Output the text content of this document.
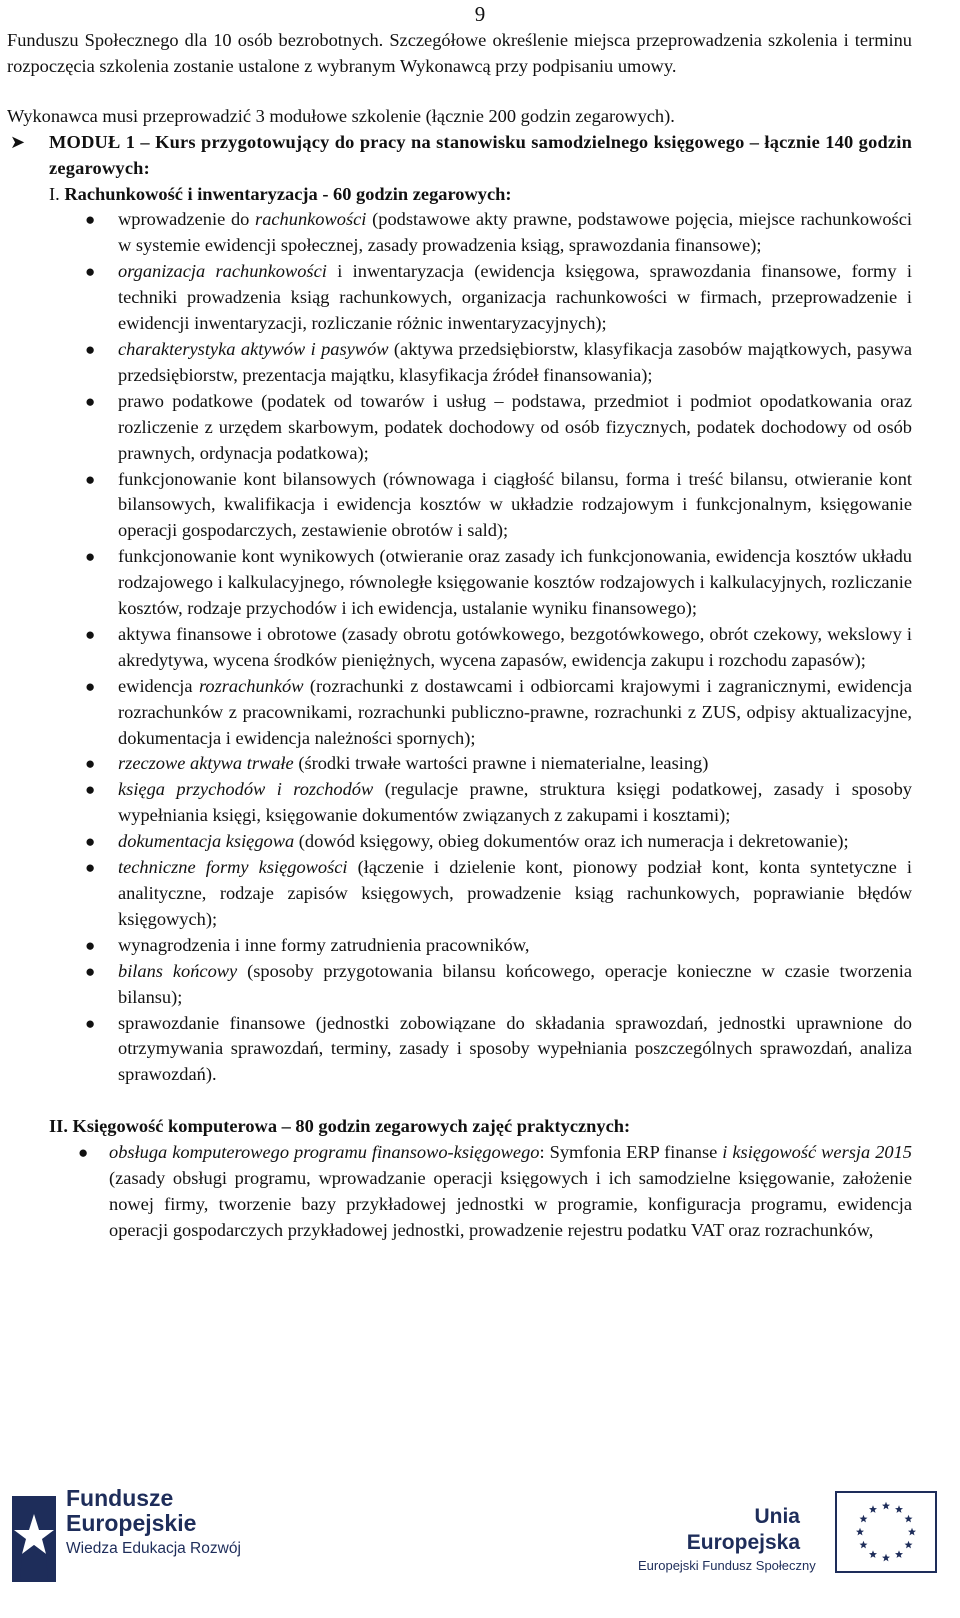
9

Funduszu Społecznego dla 10 osób bezrobotnych. Szczegółowe określenie miejsca przeprowadzenia szkolenia i terminu rozpoczęcia szkolenia zostanie ustalone z wybranym Wykonawcą przy podpisaniu umowy.

Wykonawca musi przeprowadzić 3 modułowe szkolenie (łącznie 200 godzin zegarowych).

➤ MODUŁ 1 – Kurs przygotowujący do pracy na stanowisku samodzielnego księgowego – łącznie 140 godzin zegarowych:
I. Rachunkowość i inwentaryzacja - 60 godzin zegarowych:
● wprowadzenie do rachunkowości (podstawowe akty prawne, podstawowe pojęcia, miejsce rachunkowości w systemie ewidencji społecznej, zasady prowadzenia ksiąg, sprawozdania finansowe);
● organizacja rachunkowości i inwentaryzacja (ewidencja księgowa, sprawozdania finansowe, formy i techniki prowadzenia ksiąg rachunkowych, organizacja rachunkowości w firmach, przeprowadzenie i ewidencji inwentaryzacji, rozliczanie różnic inwentaryzacyjnych);
● charakterystyka aktywów i pasywów (aktywa przedsiębiorstw, klasyfikacja zasobów majątkowych, pasywa przedsiębiorstw, prezentacja majątku, klasyfikacja źródeł finansowania);
● prawo podatkowe (podatek od towarów i usług – podstawa, przedmiot i podmiot opodatkowania oraz rozliczenie z urzędem skarbowym, podatek dochodowy od osób fizycznych, podatek dochodowy od osób prawnych, ordynacja podatkowa);
● funkcjonowanie kont bilansowych (równowaga i ciągłość bilansu, forma i treść bilansu, otwieranie kont bilansowych, kwalifikacja i ewidencja kosztów w układzie rodzajowym i funkcjonalnym, księgowanie operacji gospodarczych, zestawienie obrotów i sald);
● funkcjonowanie kont wynikowych (otwieranie oraz zasady ich funkcjonowania, ewidencja kosztów układu rodzajowego i kalkulacyjnego, równoległe księgowanie kosztów rodzajowych i kalkulacyjnych, rozliczanie kosztów, rodzaje przychodów i ich ewidencja, ustalanie wyniku finansowego);
● aktywa finansowe i obrotowe (zasady obrotu gotówkowego, bezgotówkowego, obrót czekowy, wekslowy i akredytywa, wycena środków pieniężnych, wycena zapasów, ewidencja zakupu i rozchodu zapasów);
● ewidencja rozrachunków (rozrachunki z dostawcami i odbiorcami krajowymi i zagranicznymi, ewidencja rozrachunków z pracownikami, rozrachunki publiczno-prawne, rozrachunki z ZUS, odpisy aktualizacyjne, dokumentacja i ewidencja należności spornych);
● rzeczowe aktywa trwałe (środki trwałe wartości prawne i niematerialne, leasing)
● księga przychodów i rozchodów (regulacje prawne, struktura księgi podatkowej, zasady i sposoby wypełniania księgi, księgowanie dokumentów związanych z zakupami i kosztami);
● dokumentacja księgowa (dowód księgowy, obieg dokumentów oraz ich numeracja i dekretowanie);
● techniczne formy księgowości (łączenie i dzielenie kont, pionowy podział kont, konta syntetyczne i analityczne, rodzaje zapisów księgowych, prowadzenie ksiąg rachunkowych, poprawianie błędów księgowych);
● wynagrodzenia i inne formy zatrudnienia pracowników,
● bilans końcowy (sposoby przygotowania bilansu końcowego, operacje konieczne w czasie tworzenia bilansu);
● sprawozdanie finansowe (jednostki zobowiązane do składania sprawozdań, jednostki uprawnione do otrzymywania sprawozdań, terminy, zasady i sposoby wypełniania poszczególnych sprawozdań, analiza sprawozdań).
II. Księgowość komputerowa – 80 godzin zegarowych zajęć praktycznych:
● obsługa komputerowego programu finansowo-księgowego: Symfonia ERP finanse i księgowość wersja 2015 (zasady obsługi programu, wprowadzanie operacji księgowych i ich samodzielne księgowanie, założenie nowej firmy, tworzenie bazy przykładowej jednostki w programie, konfiguracja programu, ewidencja operacji gospodarczych przykładowej jednostki, prowadzenie rejestru podatku VAT oraz rozrachunków,
Fundusze
Europejskie
Wiedza Edukacja Rozwój
Unia Europejska
Europejski Fundusz Społeczny
